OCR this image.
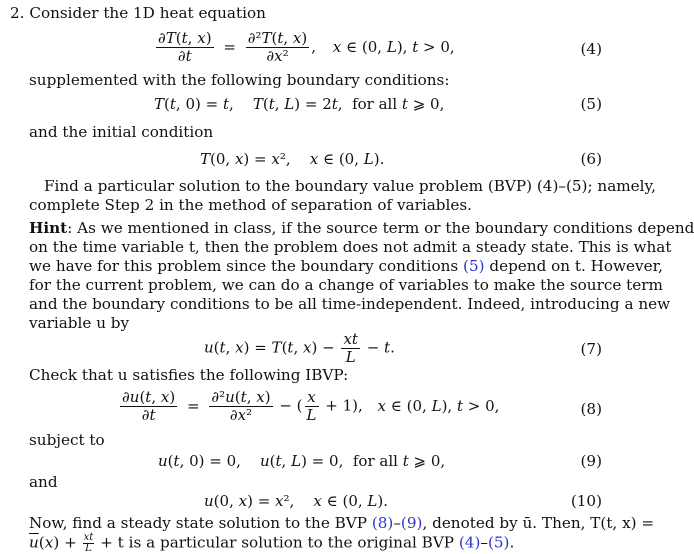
2. Consider the 1D heat equation
$\frac{\partial T(t, x)}{\partial t} = \frac{\text{∂²T(t, x)}}{\text{∂x²}}$ , x ∈ (0, L), t > 0,	(4)
supplemented with the following boundary conditions:
T(t, 0) = t,    T(t, L) = 2t,  for all t ⩾ 0,	(5)
and the initial condition
T(0, x) = x²,    x ∈ (0, L).	(6)
Find a particular solution to the boundary value problem (BVP) (4)–(5); namely,
complete Step 2 in the method of separation of variables.
Hint: As we mentioned in class, if the source term or the boundary conditions depend
on the time variable t, then the problem does not admit a steady state. This is what
we have for this problem since the boundary conditions (5) depend on t. However,
for the current problem, we can do a change of variables to make the source term
and the boundary conditions to be all time-independent. Indeed, introducing a new
variable u by
u(t, x) = T(t, $x) - \frac{xt}{L} - t$.	(7)
Check that u satisfies the following IBVP:
$\frac{\partial u(t, x)}{\partial t} = \frac{\text{∂²u(t, x)}}{\text{∂x²}}$ − ( $\frac{x}{L} + 1$), x ∈ (0, L), t > 0,	(8)
subject to
u(t, 0) = 0,    u(t, L) = 0,  for all t ⩾ 0,	(9)
and
u(0, x) = x²,    x ∈ (0, L).	(10)
Now, find a steady state solution to the BVP (8)–(9), denoted by ū. Then, T(t, x) =
$\overline{u}(x) + \frac{xt}{L} + t$ is a particular solution to the original BVP (4)–(5).
